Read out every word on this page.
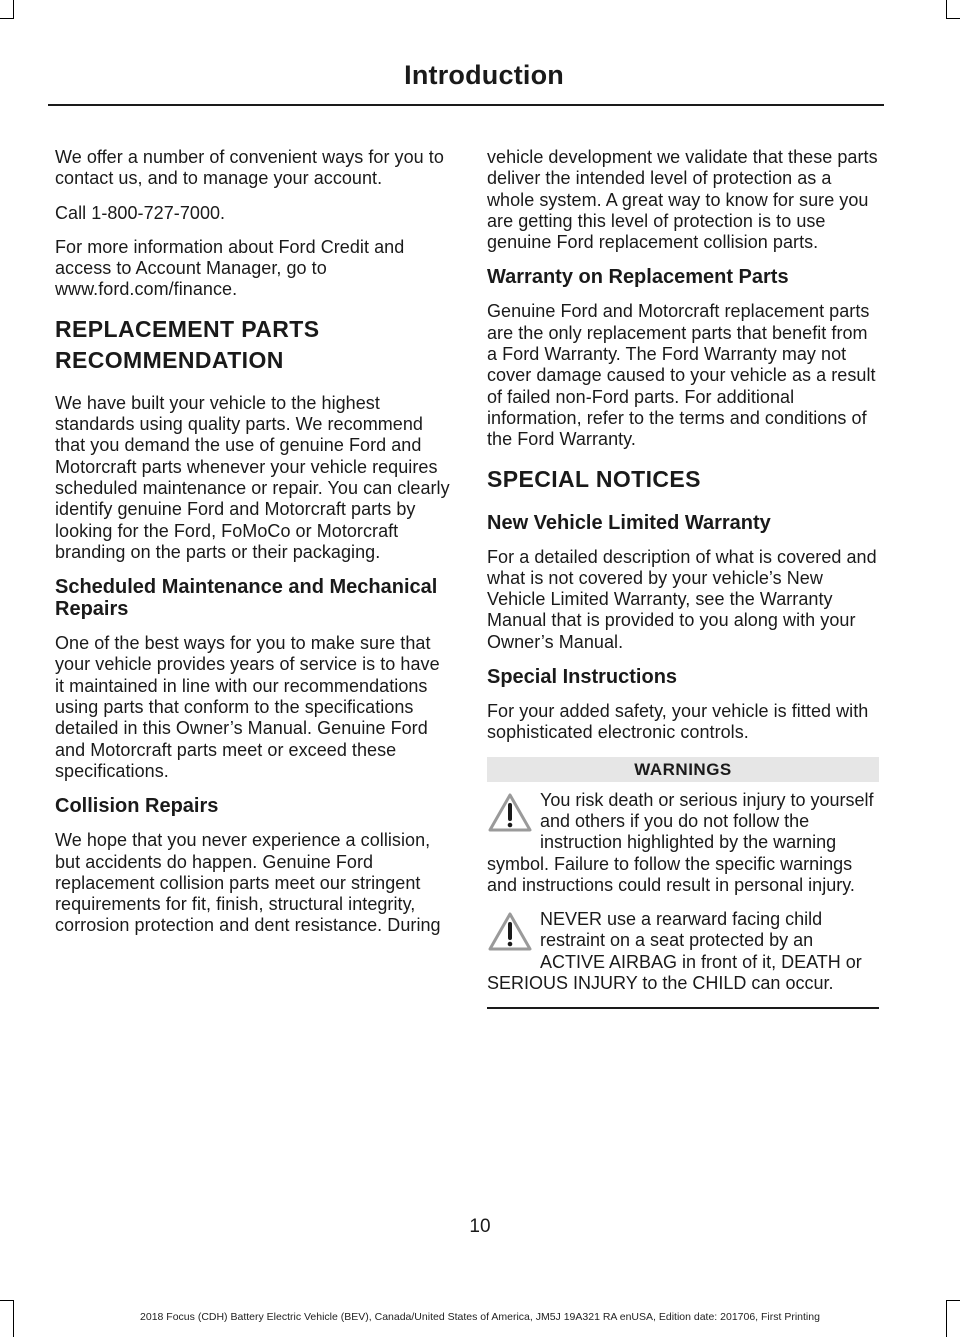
Introduction

We offer a number of convenient ways for you to contact us, and to manage your account.

Call 1-800-727-7000.

For more information about Ford Credit and access to Account Manager, go to www.ford.com/finance.

REPLACEMENT PARTS
RECOMMENDATION

We have built your vehicle to the highest standards using quality parts. We recommend that you demand the use of genuine Ford and Motorcraft parts whenever your vehicle requires scheduled maintenance or repair. You can clearly identify genuine Ford and Motorcraft parts by looking for the Ford, FoMoCo or Motorcraft branding on the parts or their packaging.

Scheduled Maintenance and Mechanical Repairs

One of the best ways for you to make sure that your vehicle provides years of service is to have it maintained in line with our recommendations using parts that conform to the specifications detailed in this Owner’s Manual. Genuine Ford and Motorcraft parts meet or exceed these specifications.

Collision Repairs

We hope that you never experience a collision, but accidents do happen. Genuine Ford replacement collision parts meet our stringent requirements for fit, finish, structural integrity, corrosion protection and dent resistance. During

vehicle development we validate that these parts deliver the intended level of protection as a whole system. A great way to know for sure you are getting this level of protection is to use genuine Ford replacement collision parts.

Warranty on Replacement Parts

Genuine Ford and Motorcraft replacement parts are the only replacement parts that benefit from a Ford Warranty. The Ford Warranty may not cover damage caused to your vehicle as a result of failed non-Ford parts. For additional information, refer to the terms and conditions of the Ford Warranty.

SPECIAL NOTICES
New Vehicle Limited Warranty

For a detailed description of what is covered and what is not covered by your vehicle’s New Vehicle Limited Warranty, see the Warranty Manual that is provided to you along with your Owner’s Manual.

Special Instructions

For your added safety, your vehicle is fitted with sophisticated electronic controls.

WARNINGS
You risk death or serious injury to yourself and others if you do not follow the instruction highlighted by the warning symbol. Failure to follow the specific warnings and instructions could result in personal injury.
NEVER use a rearward facing child restraint on a seat protected by an ACTIVE AIRBAG in front of it, DEATH or SERIOUS INJURY to the CHILD can occur.
10
2018 Focus (CDH) Battery Electric Vehicle (BEV), Canada/United States of America, JM5J 19A321 RA enUSA, Edition date: 201706, First Printing
